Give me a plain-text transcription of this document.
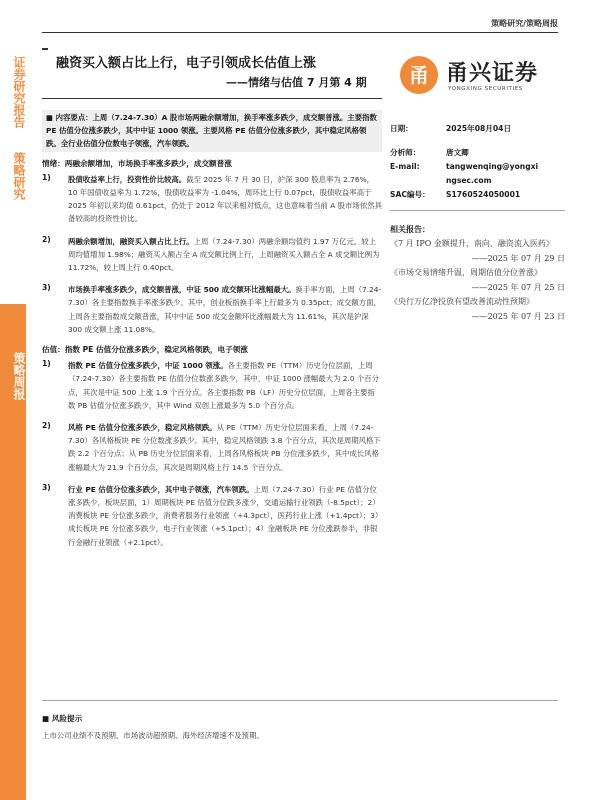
证券研究报告
策略研究
策略周报
策略研究/策略周报
融资买入额占比上行，电子引领成长估值上涨
——情绪与估值 7 月第 4 期	甬 甬兴证券
YONGXING SECURITIES

■ 内容要点：上周（7.24-7.30）A 股市场两融余额增加，换手率涨多跌少，成交额普涨。主要指数 PE 估值分位涨多跌少，其中中证 1000 领涨。主要风格 PE 估值分位涨多跌少，其中稳定风格领跌。全行业估值分位数电子领涨，汽车领跌。

情绪：两融余额增加，市场换手率涨多跌少，成交额普涨

1)	股债收益率上行，投资性价比较高。截至 2025 年 7 月 30 日，沪深 300 股息率为 2.76%，10 年国债收益率为 1.72%，股债收益率为 -1.04%，周环比上行 0.07pct，股债收益率高于 2025 年初以来均值 0.61pct，仍处于 2012 年以来相对低点，这也意味着当前 A 股市场依然具备较高的投资性价比。

2)	两融余额增加，融资买入额占比上行。上周（7.24-7.30）两融余额均值约 1.97 万亿元，较上周均值增加 1.98%；融资买入额占全 A 成交额比例上行，上周融资买入额占全 A 成交额比例为 11.72%，较上周上行 0.40pct。

3)	市场换手率涨多跌少，成交额普涨，中证 500 成交额环比涨幅最大。换手率方面，上周（7.24-7.30）各主要指数换手率涨多跌少。其中，创业板指换手率上行最多为 0.35pct；成交额方面，上周各主要指数成交额普涨，其中中证 500 成交金额环比涨幅最大为 11.61%，其次是沪深 300 成交额上涨 11.08%。

估值：指数 PE 估值分位涨多跌少，稳定风格领跌，电子领涨

1)	指数 PE 估值分位涨多跌少，中证 1000 领涨。各主要指数 PE（TTM）历史分位层面，上周（7.24-7.30）各主要指数 PE 估值分位数涨多跌少，其中，中证 1000 涨幅最大为 2.0 个百分点，其次是中证 500 上涨 1.9 个百分点。各主要指数 PB（LF）历史分位层面，上周各主要指数 PB 估值分位涨多跌少，其中 Wind 双创上涨最多为 5.0 个百分点。

2)	风格 PE 估值分位涨多跌少，稳定风格领跌。从 PE（TTM）历史分位层面来看，上周（7.24-7.30）各风格板块 PE 分位数涨多跌少。其中，稳定风格领跌 3.8 个百分点，其次是周期风格下跌 2.2 个百分点；从 PB 历史分位层面来看，上周各风格板块 PB 分位涨多跌少，其中成长风格涨幅最大为 21.9 个百分点，其次是周期风格上行 14.5 个百分点。

3)	行业 PE 估值分位涨多跌少，其中电子领涨，汽车领跌。上周（7.24-7.30）行业 PE 估值分位涨多跌少，板块层面，1）周期板块 PE 估值分位跌多涨少，交通运输行业领跌（-8.5pct）；2）消费板块 PE 分位涨多跌少，消费者服务行业领涨（+4.3pct），医药行业上涨（+1.4pct）；3）成长板块 PE 分位涨多跌少，电子行业领涨（+5.1pct）；4）金融板块 PE 分位涨跌参半，非银行金融行业领涨（+2.1pct）。

■ 风险提示

上市公司业绩不及预期、市场波动超预期、海外经济增速不及预期。

日期：	2025年08月04日
分析师：	唐文卿
E-mail:	tangwenqing@yongxi
ngsec.com
SAC编号：	S1760524050001
相关报告：
《7 月 IPO 金额提升，南向、融资流入医药》
——2025 年 07 月 29 日
《市场交易情绪升温，周期估值分位普涨》
——2025 年 07 月 25 日
《央行万亿净投放有望改善流动性预期》
——2025 年 07 月 23 日
